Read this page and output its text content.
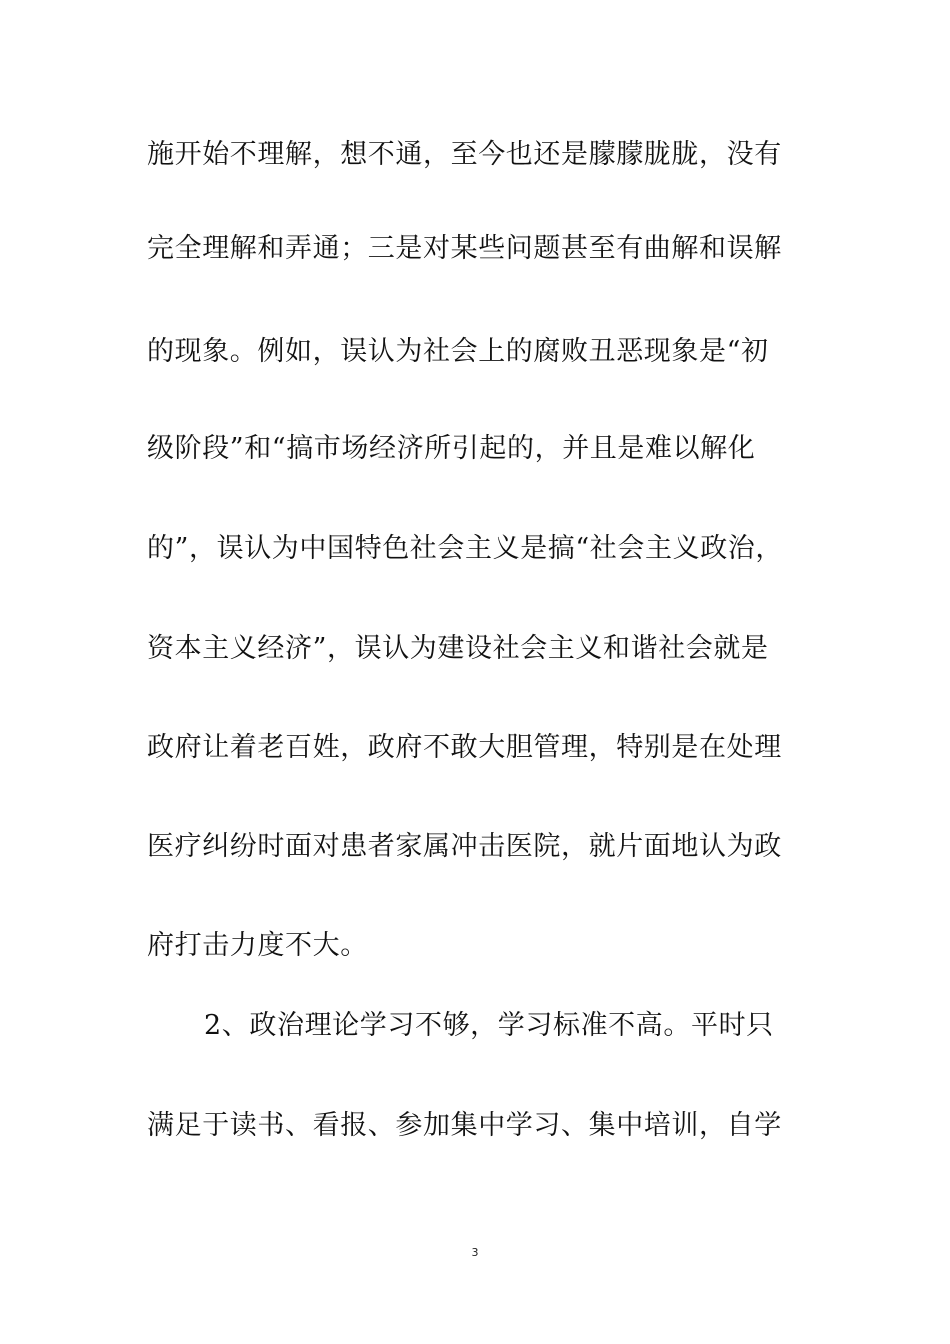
施开始不理解，想不通，至今也还是朦朦胧胧，没有
完全理解和弄通；三是对某些问题甚至有曲解和误解
的现象。例如，误认为社会上的腐败丑恶现象是“初
级阶段”和“搞市场经济所引起的，并且是难以解化
的”，误认为中国特色社会主义是搞“社会主义政治，
资本主义经济”，误认为建设社会主义和谐社会就是
政府让着老百姓，政府不敢大胆管理，特别是在处理
医疗纠纷时面对患者家属冲击医院，就片面地认为政
府打击力度不大。
2、政治理论学习不够，学习标准不高。平时只
满足于读书、看报、参加集中学习、集中培训，自学
3
